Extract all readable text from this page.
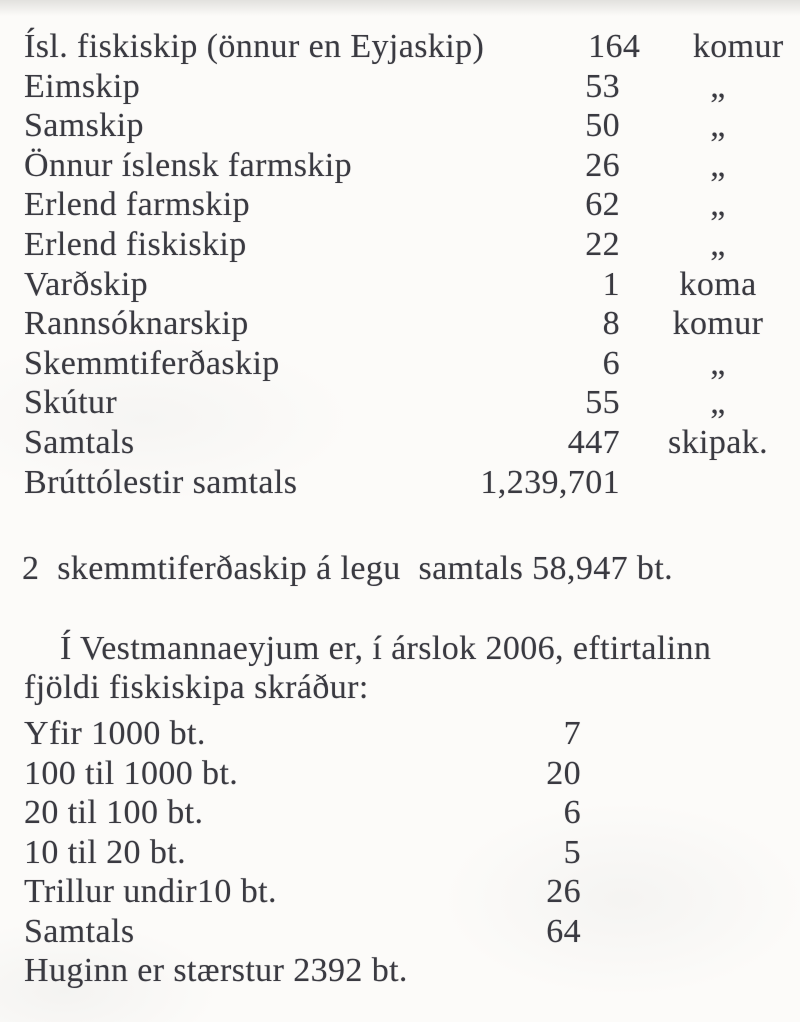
Ísl. fiskiskip (önnur en Eyjaskip)	164	komur
Eimskip	53	„
Samskip	50	„
Önnur íslensk farmskip	26	„
Erlend farmskip	62	„
Erlend fiskiskip	22	„
Varðskip	1	koma
Rannsóknarskip	8	komur
Skemmtiferðaskip	6	„
Skútur	55	„
Samtals	447	skipak.
Brúttólestir samtals	1,239,701
2  skemmtiferðaskip á legu  samtals 58,947 bt.
Í Vestmannaeyjum er, í árslok 2006, eftirtalinn
fjöldi fiskiskipa skráður:
Yfir 1000 bt.	7
100 til 1000 bt.	20
20 til 100 bt.	6
10 til 20 bt.	5
Trillur undir10 bt.	26
Samtals	64
Huginn er stærstur 2392 bt.
